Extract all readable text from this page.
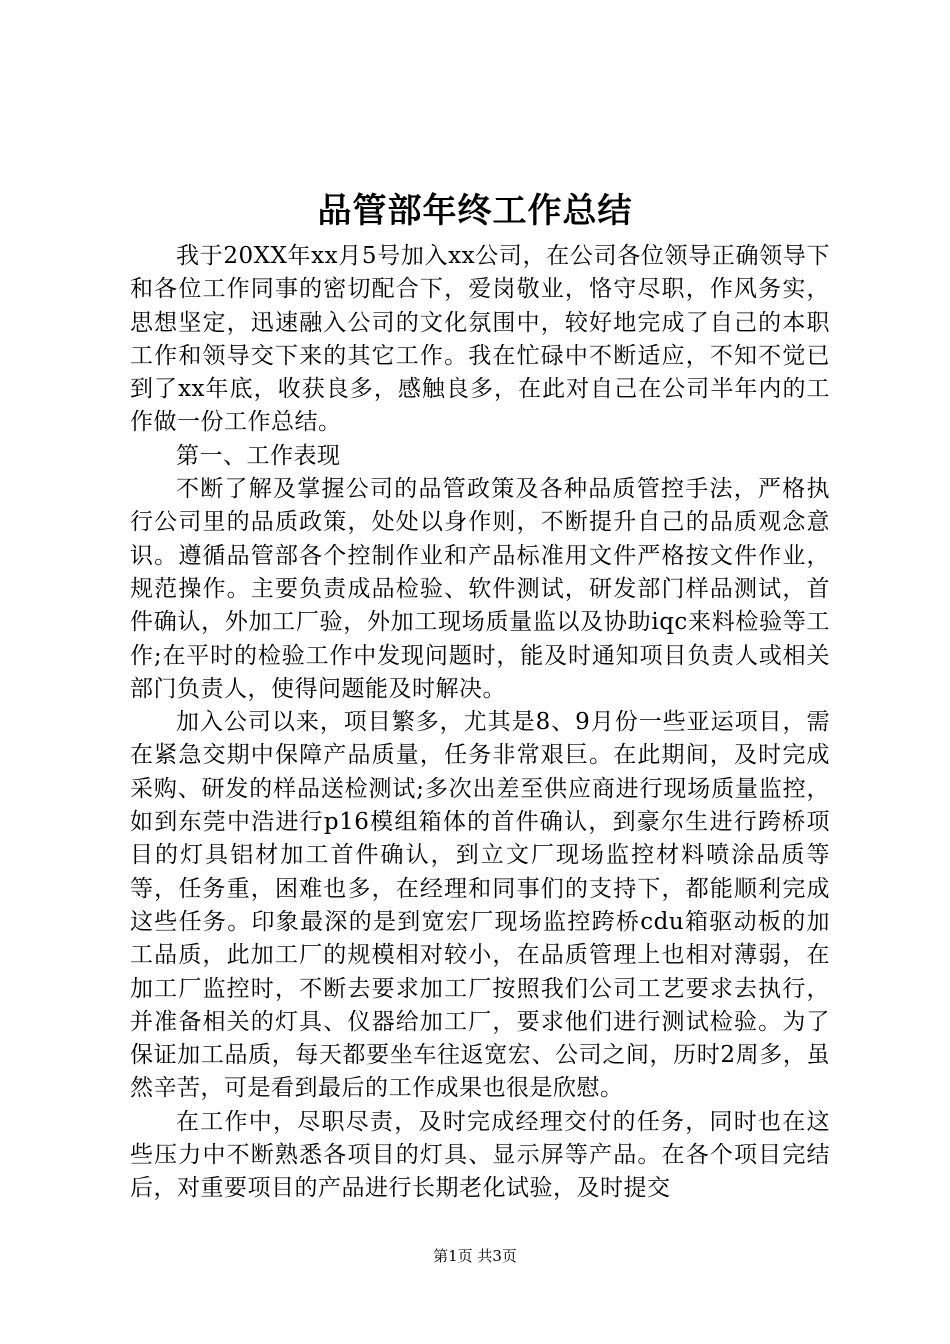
品管部年终工作总结

我于20XX年xx月5号加入xx公司，在公司各位领导正确领导下和各位工作同事的密切配合下，爱岗敬业，恪守尽职，作风务实，思想坚定，迅速融入公司的文化氛围中，较好地完成了自己的本职工作和领导交下来的其它工作。我在忙碌中不断适应，不知不觉已到了xx年底，收获良多，感触良多，在此对自己在公司半年内的工作做一份工作总结。

第一、工作表现

不断了解及掌握公司的品管政策及各种品质管控手法，严格执行公司里的品质政策，处处以身作则，不断提升自己的品质观念意识。遵循品管部各个控制作业和产品标准用文件严格按文件作业，规范操作。主要负责成品检验、软件测试，研发部门样品测试，首件确认，外加工厂验，外加工现场质量监以及协助iqc来料检验等工作;在平时的检验工作中发现问题时，能及时通知项目负责人或相关部门负责人，使得问题能及时解决。

加入公司以来，项目繁多，尤其是8、9月份一些亚运项目，需在紧急交期中保障产品质量，任务非常艰巨。在此期间，及时完成采购、研发的样品送检测试;多次出差至供应商进行现场质量监控，如到东莞中浩进行p16模组箱体的首件确认，到豪尔生进行跨桥项目的灯具铝材加工首件确认，到立文厂现场监控材料喷涂品质等等，任务重，困难也多，在经理和同事们的支持下，都能顺利完成这些任务。印象最深的是到宽宏厂现场监控跨桥cdu箱驱动板的加工品质，此加工厂的规模相对较小，在品质管理上也相对薄弱，在加工厂监控时，不断去要求加工厂按照我们公司工艺要求去执行，并准备相关的灯具、仪器给加工厂，要求他们进行测试检验。为了保证加工品质，每天都要坐车往返宽宏、公司之间，历时2周多，虽然辛苦，可是看到最后的工作成果也很是欣慰。

在工作中，尽职尽责，及时完成经理交付的任务，同时也在这些压力中不断熟悉各项目的灯具、显示屏等产品。在各个项目完结后，对重要项目的产品进行长期老化试验，及时提交

第1页 共3页
